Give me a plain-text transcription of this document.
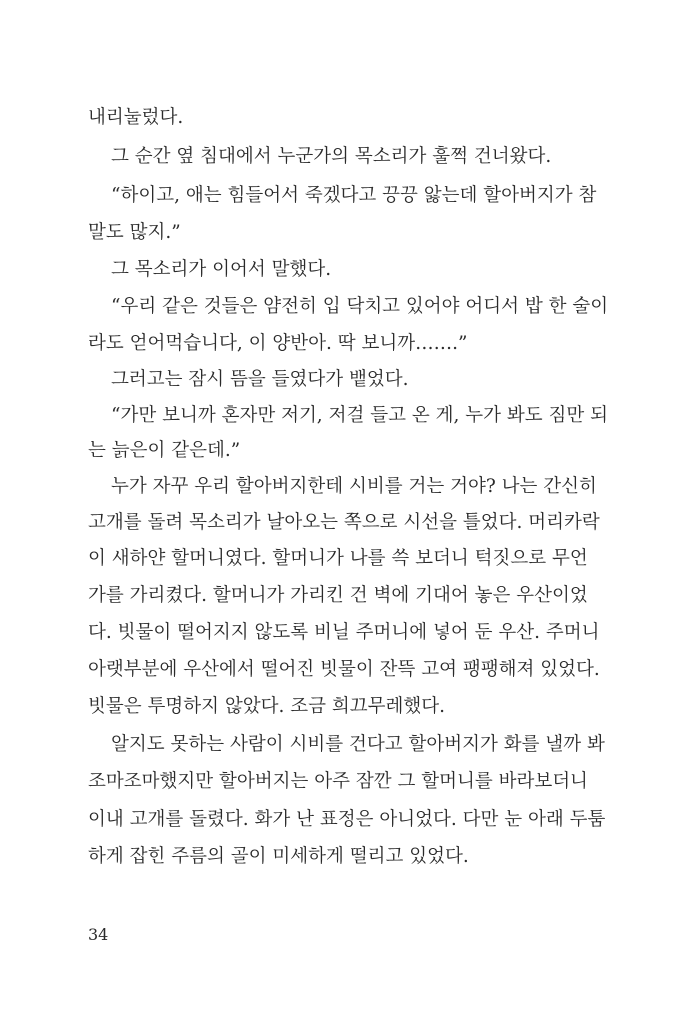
내리눌렀다.
그 순간 옆 침대에서 누군가의 목소리가 훌쩍 건너왔다.
“하이고, 애는 힘들어서 죽겠다고 끙끙 앓는데 할아버지가 참
말도 많지.”
그 목소리가 이어서 말했다.
“우리 같은 것들은 얌전히 입 닥치고 있어야 어디서 밥 한 술이
라도 얻어먹습니다, 이 양반아. 딱 보니까…….”
그러고는 잠시 뜸을 들였다가 뱉었다.
“가만 보니까 혼자만 저기, 저걸 들고 온 게, 누가 봐도 짐만 되
는 늙은이 같은데.”
누가 자꾸 우리 할아버지한테 시비를 거는 거야? 나는 간신히
고개를 돌려 목소리가 날아오는 쪽으로 시선을 틀었다. 머리카락
이 새하얀 할머니였다. 할머니가 나를 쓱 보더니 턱짓으로 무언
가를 가리켰다. 할머니가 가리킨 건 벽에 기대어 놓은 우산이었
다. 빗물이 떨어지지 않도록 비닐 주머니에 넣어 둔 우산. 주머니
아랫부분에 우산에서 떨어진 빗물이 잔뜩 고여 팽팽해져 있었다.
빗물은 투명하지 않았다. 조금 희끄무레했다.
알지도 못하는 사람이 시비를 건다고 할아버지가 화를 낼까 봐
조마조마했지만 할아버지는 아주 잠깐 그 할머니를 바라보더니
이내 고개를 돌렸다. 화가 난 표정은 아니었다. 다만 눈 아래 두툼
하게 잡힌 주름의 골이 미세하게 떨리고 있었다.
34
